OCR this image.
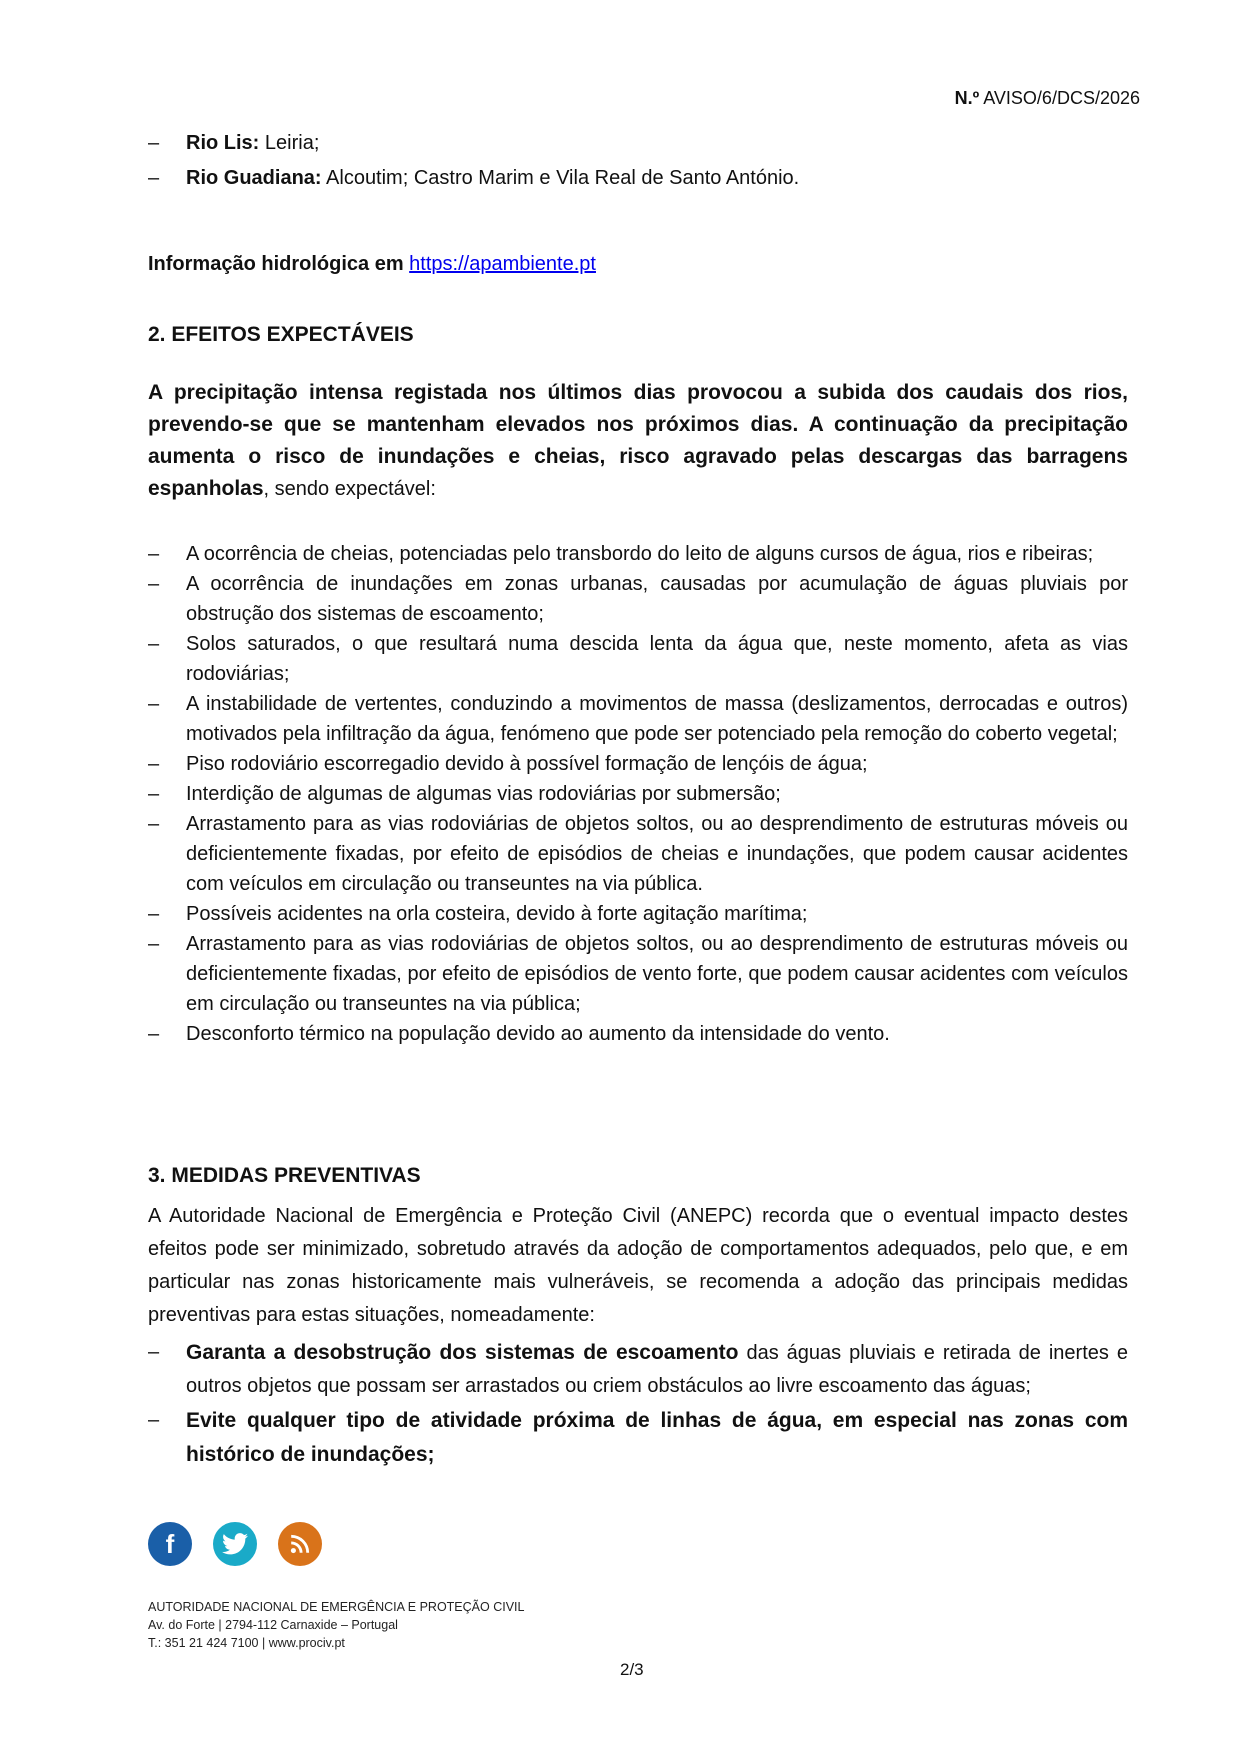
N.º AVISO/6/DCS/2026
– Rio Lis: Leiria;
– Rio Guadiana: Alcoutim; Castro Marim e Vila Real de Santo António.
Informação hidrológica em https://apambiente.pt
2. EFEITOS EXPECTÁVEIS
A precipitação intensa registada nos últimos dias provocou a subida dos caudais dos rios, prevendo-se que se mantenham elevados nos próximos dias. A continuação da precipitação aumenta o risco de inundações e cheias, risco agravado pelas descargas das barragens espanholas, sendo expectável:
– A ocorrência de cheias, potenciadas pelo transbordo do leito de alguns cursos de água, rios e ribeiras;
– A ocorrência de inundações em zonas urbanas, causadas por acumulação de águas pluviais por obstrução dos sistemas de escoamento;
– Solos saturados, o que resultará numa descida lenta da água que, neste momento, afeta as vias rodoviárias;
– A instabilidade de vertentes, conduzindo a movimentos de massa (deslizamentos, derrocadas e outros) motivados pela infiltração da água, fenómeno que pode ser potenciado pela remoção do coberto vegetal;
– Piso rodoviário escorregadio devido à possível formação de lençóis de água;
– Interdição de algumas de algumas vias rodoviárias por submersão;
– Arrastamento para as vias rodoviárias de objetos soltos, ou ao desprendimento de estruturas móveis ou deficientemente fixadas, por efeito de episódios de cheias e inundações, que podem causar acidentes com veículos em circulação ou transeuntes na via pública.
– Possíveis acidentes na orla costeira, devido à forte agitação marítima;
– Arrastamento para as vias rodoviárias de objetos soltos, ou ao desprendimento de estruturas móveis ou deficientemente fixadas, por efeito de episódios de vento forte, que podem causar acidentes com veículos em circulação ou transeuntes na via pública;
– Desconforto térmico na população devido ao aumento da intensidade do vento.
3. MEDIDAS PREVENTIVAS
A Autoridade Nacional de Emergência e Proteção Civil (ANEPC) recorda que o eventual impacto destes efeitos pode ser minimizado, sobretudo através da adoção de comportamentos adequados, pelo que, e em particular nas zonas historicamente mais vulneráveis, se recomenda a adoção das principais medidas preventivas para estas situações, nomeadamente:
– Garanta a desobstrução dos sistemas de escoamento das águas pluviais e retirada de inertes e outros objetos que possam ser arrastados ou criem obstáculos ao livre escoamento das águas;
– Evite qualquer tipo de atividade próxima de linhas de água, em especial nas zonas com histórico de inundações;
f
AUTORIDADE NACIONAL DE EMERGÊNCIA E PROTEÇÃO CIVIL
Av. do Forte | 2794-112 Carnaxide – Portugal
T.: 351 21 424 7100 | www.prociv.pt
2/3
